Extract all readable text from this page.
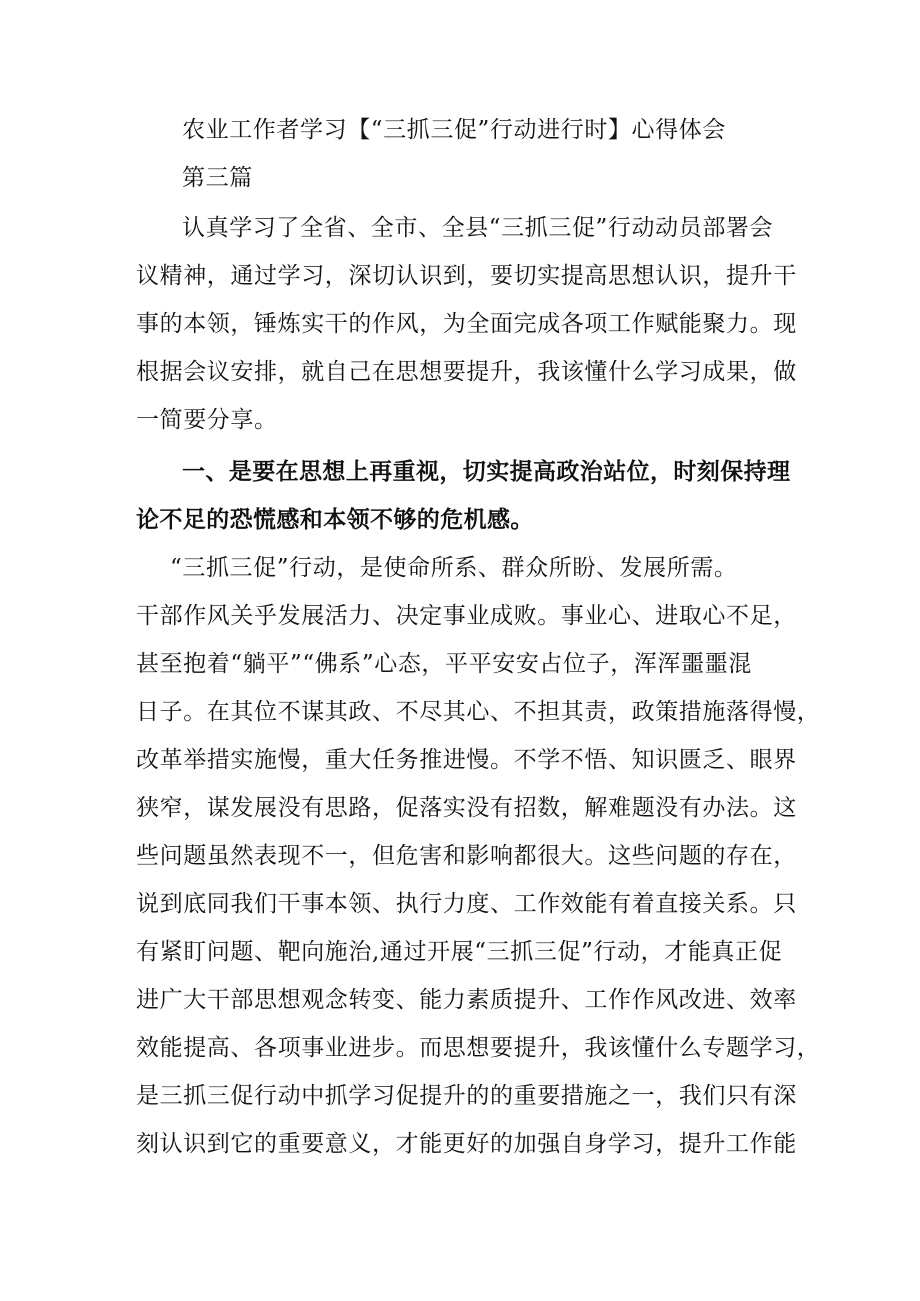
农业工作者学习【“三抓三促”行动进行时】心得体会
第三篇
认真学习了全省、全市、全县“三抓三促”行动动员部署会
议精神，通过学习，深切认识到，要切实提高思想认识，提升干
事的本领，锤炼实干的作风，为全面完成各项工作赋能聚力。现
根据会议安排，就自己在思想要提升，我该懂什么学习成果，做
一简要分享。
一、是要在思想上再重视，切实提高政治站位，时刻保持理
论不足的恐慌感和本领不够的危机感。
“三抓三促”行动，是使命所系、群众所盼、发展所需。
干部作风关乎发展活力、决定事业成败。事业心、进取心不足，
甚至抱着“躺平”“佛系”心态，平平安安占位子，浑浑噩噩混
日子。在其位不谋其政、不尽其心、不担其责，政策措施落得慢，
改革举措实施慢，重大任务推进慢。不学不悟、知识匮乏、眼界
狭窄，谋发展没有思路，促落实没有招数，解难题没有办法。这
些问题虽然表现不一，但危害和影响都很大。这些问题的存在，
说到底同我们干事本领、执行力度、工作效能有着直接关系。只
有紧盯问题、靶向施治,通过开展“三抓三促”行动，才能真正促
进广大干部思想观念转变、能力素质提升、工作作风改进、效率
效能提高、各项事业进步。而思想要提升，我该懂什么专题学习，
是三抓三促行动中抓学习促提升的的重要措施之一，我们只有深
刻认识到它的重要意义，才能更好的加强自身学习，提升工作能
